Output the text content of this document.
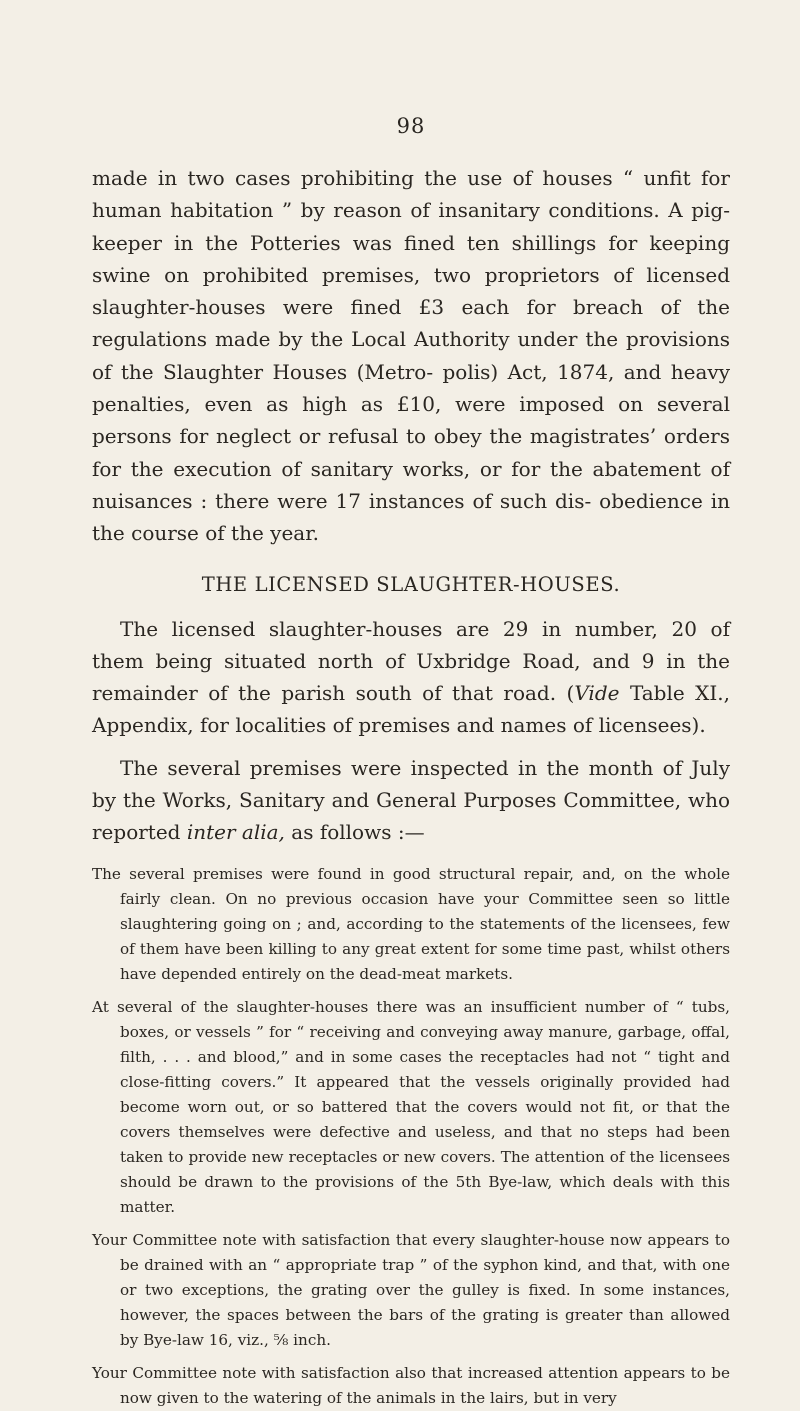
98

made in two cases prohibiting the use of houses “ unfit for human habitation ” by reason of insanitary conditions. A pig-keeper in the Potteries was fined ten shillings for keeping swine on prohibited premises, two proprietors of licensed slaughter-houses were fined £3 each for breach of the regulations made by the Local Authority under the provisions of the Slaughter Houses (Metro- polis) Act, 1874, and heavy penalties, even as high as £10, were imposed on several persons for neglect or refusal to obey the magistrates’ orders for the execution of sanitary works, or for the abatement of nuisances : there were 17 instances of such dis- obedience in the course of the year.

THE LICENSED SLAUGHTER-HOUSES.

The licensed slaughter-houses are 29 in number, 20 of them being situated north of Uxbridge Road, and 9 in the remainder of the parish south of that road. (Vide Table XI., Appendix, for localities of premises and names of licensees).

The several premises were inspected in the month of July by the Works, Sanitary and General Purposes Committee, who reported inter alia, as follows :—

The several premises were found in good structural repair, and, on the whole fairly clean. On no previous occasion have your Committee seen so little slaughtering going on ; and, according to the statements of the licensees, few of them have been killing to any great extent for some time past, whilst others have depended entirely on the dead-meat markets.

At several of the slaughter-houses there was an insufficient number of “ tubs, boxes, or vessels ” for “ receiving and conveying away manure, garbage, offal, filth, . . . and blood,” and in some cases the receptacles had not “ tight and close-fitting covers.” It appeared that the vessels originally provided had become worn out, or so battered that the covers would not fit, or that the covers themselves were defective and useless, and that no steps had been taken to provide new receptacles or new covers. The attention of the licensees should be drawn to the provisions of the 5th Bye-law, which deals with this matter.

Your Committee note with satisfaction that every slaughter-house now appears to be drained with an “ appropriate trap ” of the syphon kind, and that, with one or two exceptions, the grating over the gulley is fixed. In some instances, however, the spaces between the bars of the grating is greater than allowed by Bye-law 16, viz., ⅝ inch.

Your Committee note with satisfaction also that increased attention appears to be now given to the watering of the animals in the lairs, but in very
